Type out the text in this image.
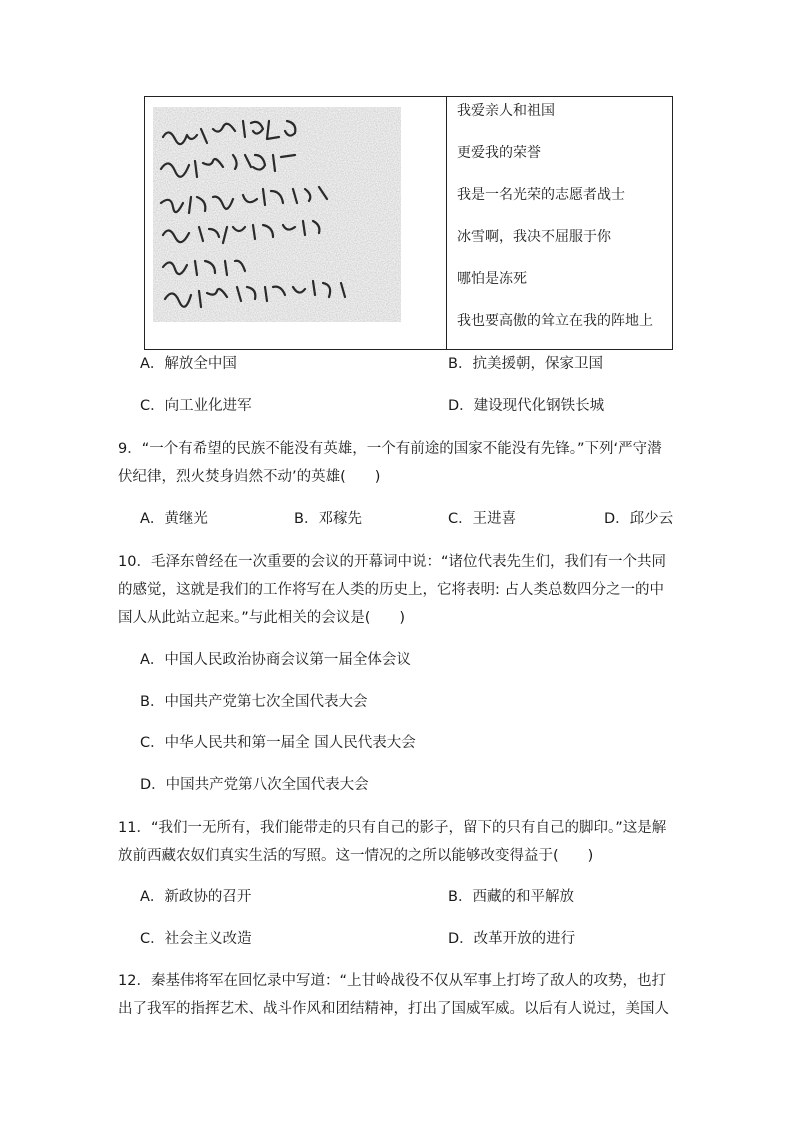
我爱亲人和祖国
更爱我的荣誉
我是一名光荣的志愿者战士
冰雪啊，我决不屈服于你
哪怕是冻死
我也要高傲的耸立在我的阵地上
A．解放全中国	B．抗美援朝，保家卫国
C．向工业化进军	D．建设现代化钢铁长城
9．“一个有希望的民族不能没有英雄，一个有前途的国家不能没有先锋。”下列‘严守潜
伏纪律，烈火焚身岿然不动’的英雄(　　)
A．黄继光	B．邓稼先	C．王进喜	D．邱少云
10．毛泽东曾经在一次重要的会议的开幕词中说：“诸位代表先生们，我们有一个共同
的感觉，这就是我们的工作将写在人类的历史上，它将表明: 占人类总数四分之一的中
国人从此站立起来。”与此相关的会议是(　　)
A．中国人民政治协商会议第一届全体会议
B．中国共产党第七次全国代表大会
C．中华人民共和第一届全 国人民代表大会
D．中国共产党第八次全国代表大会
11．“我们一无所有，我们能带走的只有自己的影子，留下的只有自己的脚印。”这是解
放前西藏农奴们真实生活的写照。这一情况的之所以能够改变得益于(　　)
A．新政协的召开	B．西藏的和平解放
C．社会主义改造	D．改革开放的进行
12．秦基伟将军在回忆录中写道：“上甘岭战役不仅从军事上打垮了敌人的攻势，也打
出了我军的指挥艺术、战斗作风和团结精神，打出了国威军威。以后有人说过，美国人
